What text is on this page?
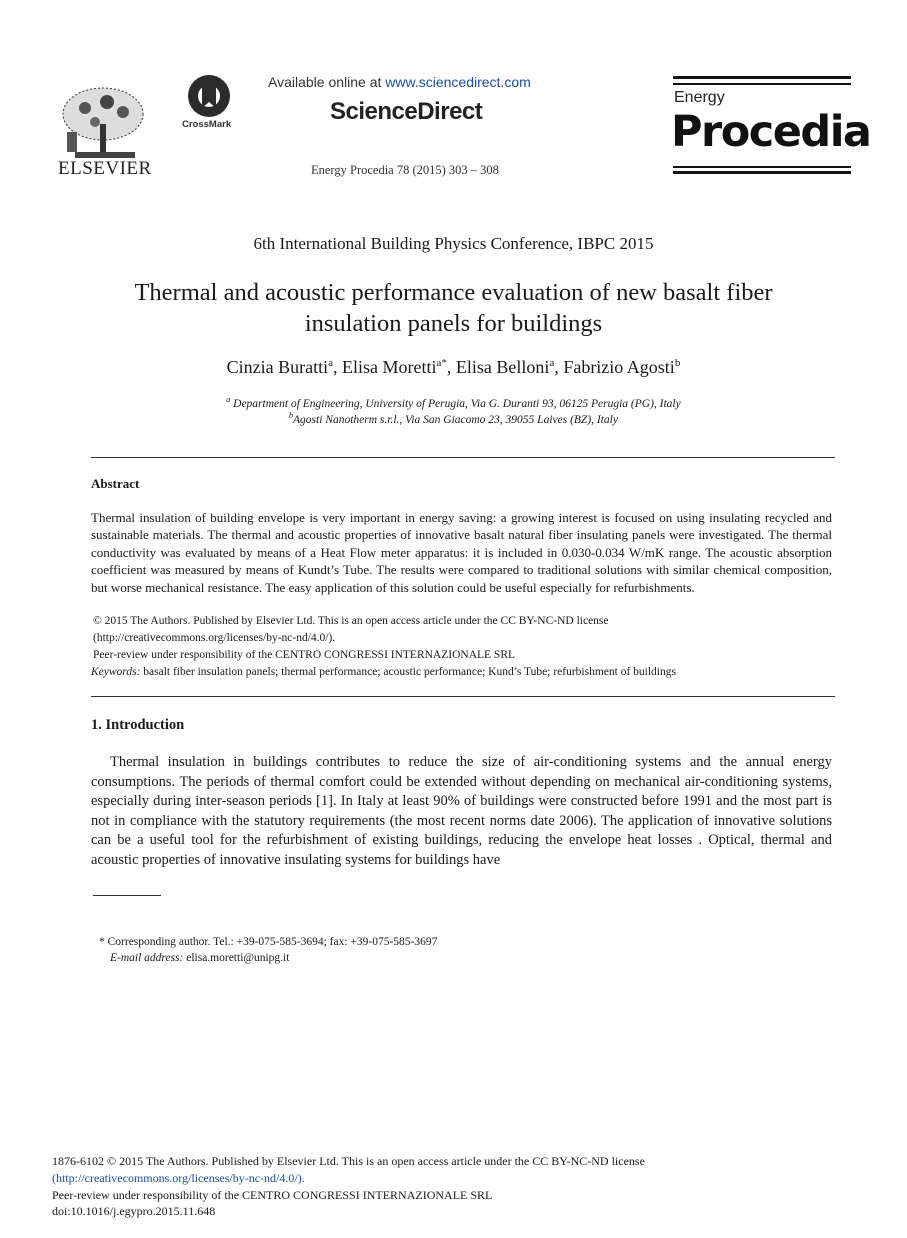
ELSEVIER
CrossMark
Available online at www.sciencedirect.com
ScienceDirect
Energy Procedia 78 (2015) 303 – 308
Energy
Procedia
6th International Building Physics Conference, IBPC 2015
Thermal and acoustic performance evaluation of new basalt fiber
insulation panels for buildings
Cinzia Buratti$^a$, Elisa Moretti$^{a*}$, Elisa Belloni$^a$, Fabrizio Agosti$^b$
$^a$ Department of Engineering, University of Perugia, Via G. Duranti 93, 06125 Perugia (PG), Italy
$^b$Agosti Nanotherm s.r.l., Via San Giacomo 23, 39055 Laives (BZ), Italy
Abstract
Thermal insulation of building envelope is very important in energy saving: a growing interest is focused on using insulating recycled and sustainable materials. The thermal and acoustic properties of innovative basalt natural fiber insulating panels were investigated. The thermal conductivity was evaluated by means of a Heat Flow meter apparatus: it is included in 0.030-0.034 W/mK range. The acoustic absorption coefficient was measured by means of Kundt’s Tube. The results were compared to traditional solutions with similar chemical composition, but worse mechanical resistance. The easy application of this solution could be useful especially for refurbishments.
© 2015 The Authors. Published by Elsevier Ltd. This is an open access article under the CC BY-NC-ND license
(http://creativecommons.org/licenses/by-nc-nd/4.0/).
Peer-review under responsibility of the CENTRO CONGRESSI INTERNAZIONALE SRL
Keywords: basalt fiber insulation panels; thermal performance; acoustic performance; Kund’s Tube; refurbishment of buildings
1. Introduction
Thermal insulation in buildings contributes to reduce the size of air-conditioning systems and the annual energy consumptions. The periods of thermal comfort could be extended without depending on mechanical air-conditioning systems, especially during inter-season periods [1]. In Italy at least 90% of buildings were constructed before 1991 and the most part is not in compliance with the statutory requirements (the most recent norms date 2006). The application of innovative solutions can be a useful tool for the refurbishment of existing buildings, reducing the envelope heat losses . Optical, thermal and acoustic properties of innovative insulating systems for buildings have
* Corresponding author. Tel.: +39-075-585-3694; fax: +39-075-585-3697
E-mail address: elisa.moretti@unipg.it
1876-6102 © 2015 The Authors. Published by Elsevier Ltd. This is an open access article under the CC BY-NC-ND license
(http://creativecommons.org/licenses/by-nc-nd/4.0/).
Peer-review under responsibility of the CENTRO CONGRESSI INTERNAZIONALE SRL
doi:10.1016/j.egypro.2015.11.648
